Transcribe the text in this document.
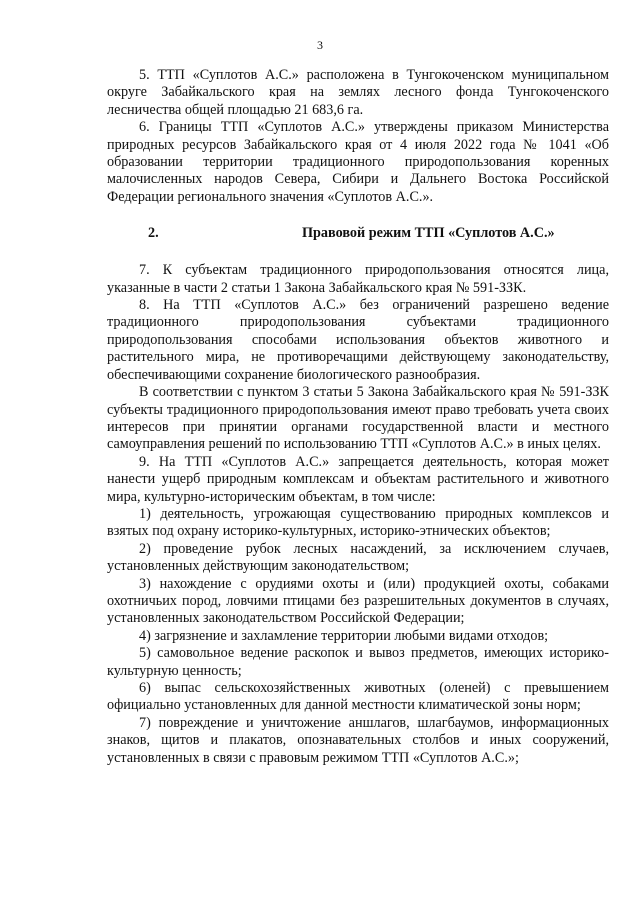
3

5. ТТП «Суплотов А.С.» расположена в Тунгокоченском муниципальном округе Забайкальского края на землях лесного фонда Тунгокоченского лесничества общей площадью 21 683,6 га.

6. Границы ТТП «Суплотов А.С.» утверждены приказом Министерства природных ресурсов Забайкальского края от 4 июля 2022 года № 1041 «Об образовании территории традиционного природопользования коренных малочисленных народов Севера, Сибири и Дальнего Востока Российской Федерации регионального значения «Суплотов А.С.».

2.	Правовой режим ТТП «Суплотов А.С.»

7. К субъектам традиционного природопользования относятся лица, указанные в части 2 статьи 1 Закона Забайкальского края № 591-ЗЗК.

8. На ТТП «Суплотов А.С.» без ограничений разрешено ведение традиционного природопользования субъектами традиционного природопользования способами использования объектов животного и растительного мира, не противоречащими действующему законодательству, обеспечивающими сохранение биологического разнообразия.

В соответствии с пунктом 3 статьи 5 Закона Забайкальского края № 591-ЗЗК субъекты традиционного природопользования имеют право требовать учета своих интересов при принятии органами государственной власти и местного самоуправления решений по использованию ТТП «Суплотов А.С.» в иных целях.

9. На ТТП «Суплотов А.С.» запрещается деятельность, которая может нанести ущерб природным комплексам и объектам растительного и животного мира, культурно-историческим объектам, в том числе:

1) деятельность, угрожающая существованию природных комплексов и взятых под охрану историко-культурных, историко-этнических объектов;

2) проведение рубок лесных насаждений, за исключением случаев, установленных действующим законодательством;

3) нахождение с орудиями охоты и (или) продукцией охоты, собаками охотничьих пород, ловчими птицами без разрешительных документов в случаях, установленных законодательством Российской Федерации;

4) загрязнение и захламление территории любыми видами отходов;

5) самовольное ведение раскопок и вывоз предметов, имеющих историко-культурную ценность;

6) выпас сельскохозяйственных животных (оленей) с превышением официально установленных для данной местности климатической зоны норм;

7) повреждение и уничтожение аншлагов, шлагбаумов, информационных знаков, щитов и плакатов, опознавательных столбов и иных сооружений, установленных в связи с правовым режимом ТТП «Суплотов А.С.»;
